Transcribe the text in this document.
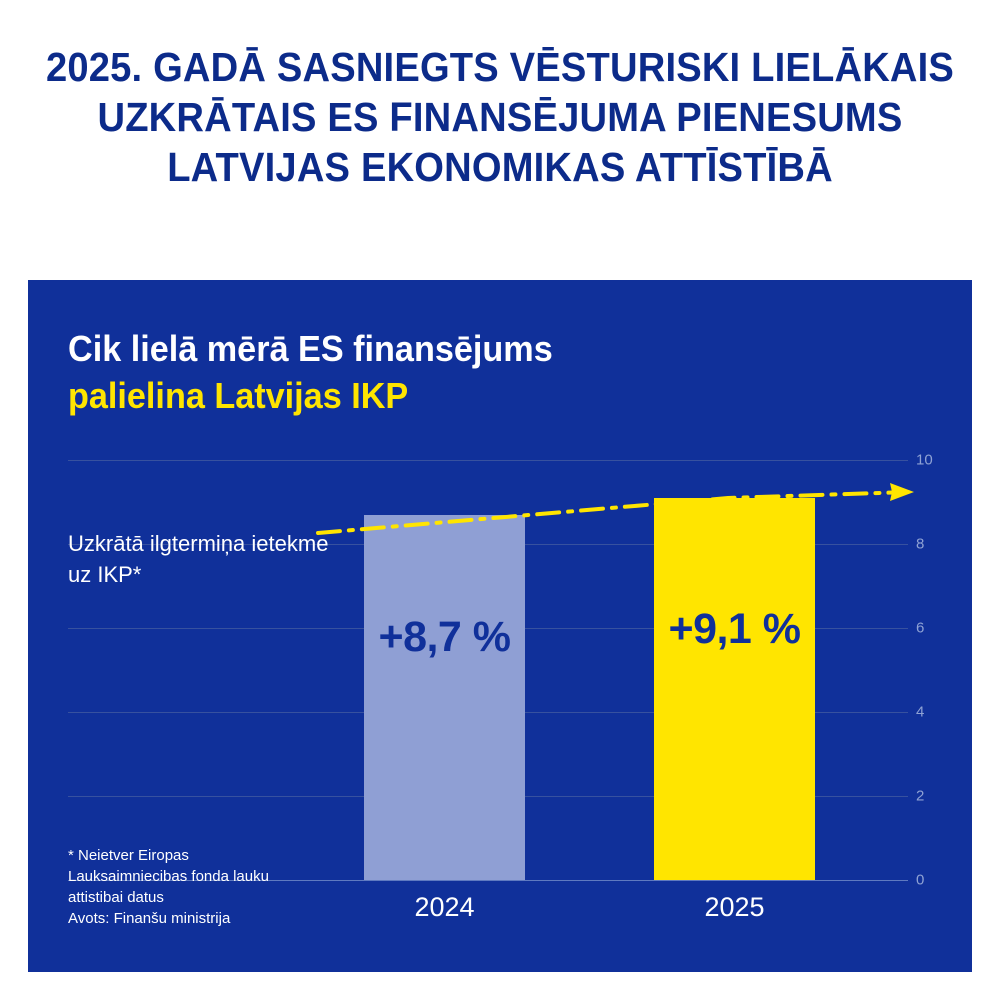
2025. GADĀ SASNIEGTS VĒSTURISKI LIELĀKAIS
UZKRĀTAIS ES FINANSĒJUMA PIENESUMS
LATVIJAS EKONOMIKAS ATTĪSTĪBĀ
Cik lielā mērā ES finansējums
palielina Latvijas IKP
10
8
6
4
2
0
+8,7 %	+9,1 %
2024	2025
Uzkrātā ilgtermiņa ietekme uz IKP*
* Neietver Eiropas
Lauksaimniecibas fonda lauku
attistibai datus
Avots: Finanšu ministrija
